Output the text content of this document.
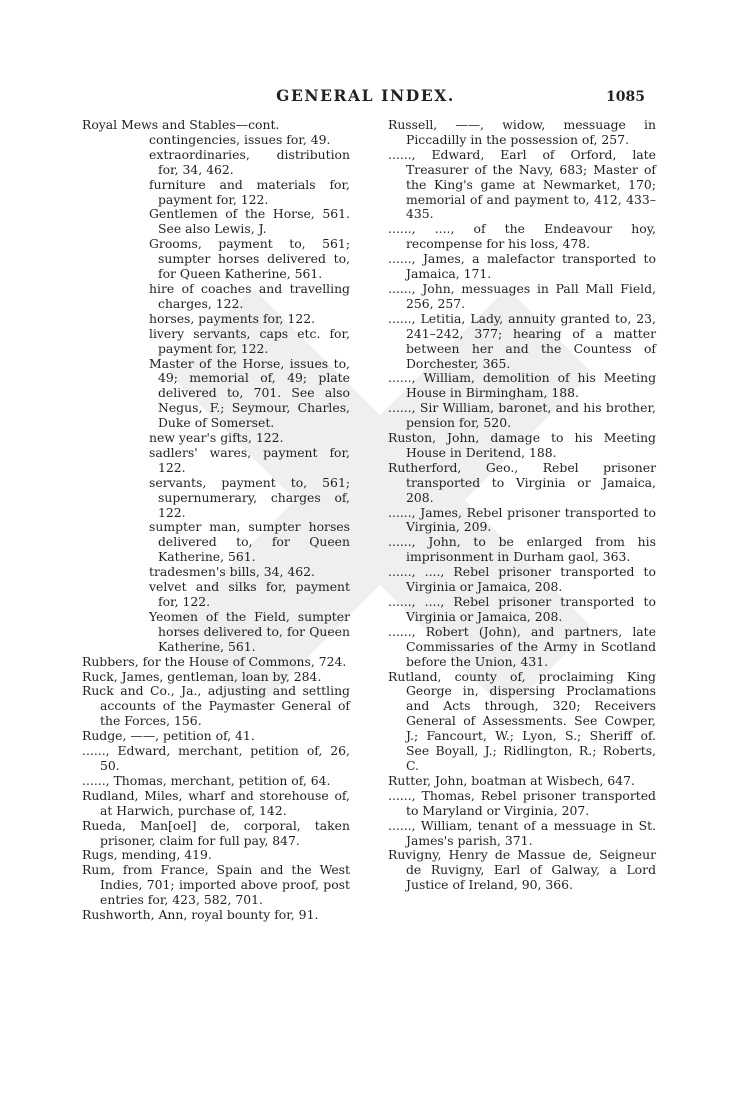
GENERAL INDEX.	1085

Royal Mews and Stables—cont.

contingencies, issues for, 49.

extraordinaries, distribution for, 34, 462.

furniture and materials for, payment for, 122.

Gentlemen of the Horse, 561. See also Lewis, J.

Grooms, payment to, 561; sumpter horses delivered to, for Queen Katherine, 561.

hire of coaches and travelling charges, 122.

horses, payments for, 122.

livery servants, caps etc. for, payment for, 122.

Master of the Horse, issues to, 49; memorial of, 49; plate delivered to, 701. See also Negus, F.; Seymour, Charles, Duke of Somerset.

new year's gifts, 122.

sadlers' wares, payment for, 122.

servants, payment to, 561; supernumerary, charges of, 122.

sumpter man, sumpter horses delivered to, for Queen Katherine, 561.

tradesmen's bills, 34, 462.

velvet and silks for, payment for, 122.

Yeomen of the Field, sumpter horses delivered to, for Queen Katherine, 561.

Rubbers, for the House of Commons, 724.

Ruck, James, gentleman, loan by, 284.

Ruck and Co., Ja., adjusting and settling accounts of the Paymaster General of the Forces, 156.

Rudge, ——, petition of, 41.

......, Edward, merchant, petition of, 26, 50.

......, Thomas, merchant, petition of, 64.

Rudland, Miles, wharf and storehouse of, at Harwich, purchase of, 142.

Rueda, Man[oel] de, corporal, taken prisoner, claim for full pay, 847.

Rugs, mending, 419.

Rum, from France, Spain and the West Indies, 701; imported above proof, post entries for, 423, 582, 701.

Rushworth, Ann, royal bounty for, 91.

Russell, ——, widow, messuage in Piccadilly in the possession of, 257.

......, Edward, Earl of Orford, late Treasurer of the Navy, 683; Master of the King's game at Newmarket, 170; memorial of and payment to, 412, 433–435.

......, ...., of the Endeavour hoy, recompense for his loss, 478.

......, James, a malefactor transported to Jamaica, 171.

......, John, messuages in Pall Mall Field, 256, 257.

......, Letitia, Lady, annuity granted to, 23, 241–242, 377; hearing of a matter between her and the Countess of Dorchester, 365.

......, William, demolition of his Meeting House in Birmingham, 188.

......, Sir William, baronet, and his brother, pension for, 520.

Ruston, John, damage to his Meeting House in Deritend, 188.

Rutherford, Geo., Rebel prisoner transported to Virginia or Jamaica, 208.

......, James, Rebel prisoner transported to Virginia, 209.

......, John, to be enlarged from his imprisonment in Durham gaol, 363.

......, ...., Rebel prisoner transported to Virginia or Jamaica, 208.

......, ...., Rebel prisoner transported to Virginia or Jamaica, 208.

......, Robert (John), and partners, late Commissaries of the Army in Scotland before the Union, 431.

Rutland, county of, proclaiming King George in, dispersing Proclamations and Acts through, 320; Receivers General of Assessments. See Cowper, J.; Fancourt, W.; Lyon, S.; Sheriff of. See Boyall, J.; Ridlington, R.; Roberts, C.

Rutter, John, boatman at Wisbech, 647.

......, Thomas, Rebel prisoner transported to Maryland or Virginia, 207.

......, William, tenant of a messuage in St. James's parish, 371.

Ruvigny, Henry de Massue de, Seigneur de Ruvigny, Earl of Galway, a Lord Justice of Ireland, 90, 366.
